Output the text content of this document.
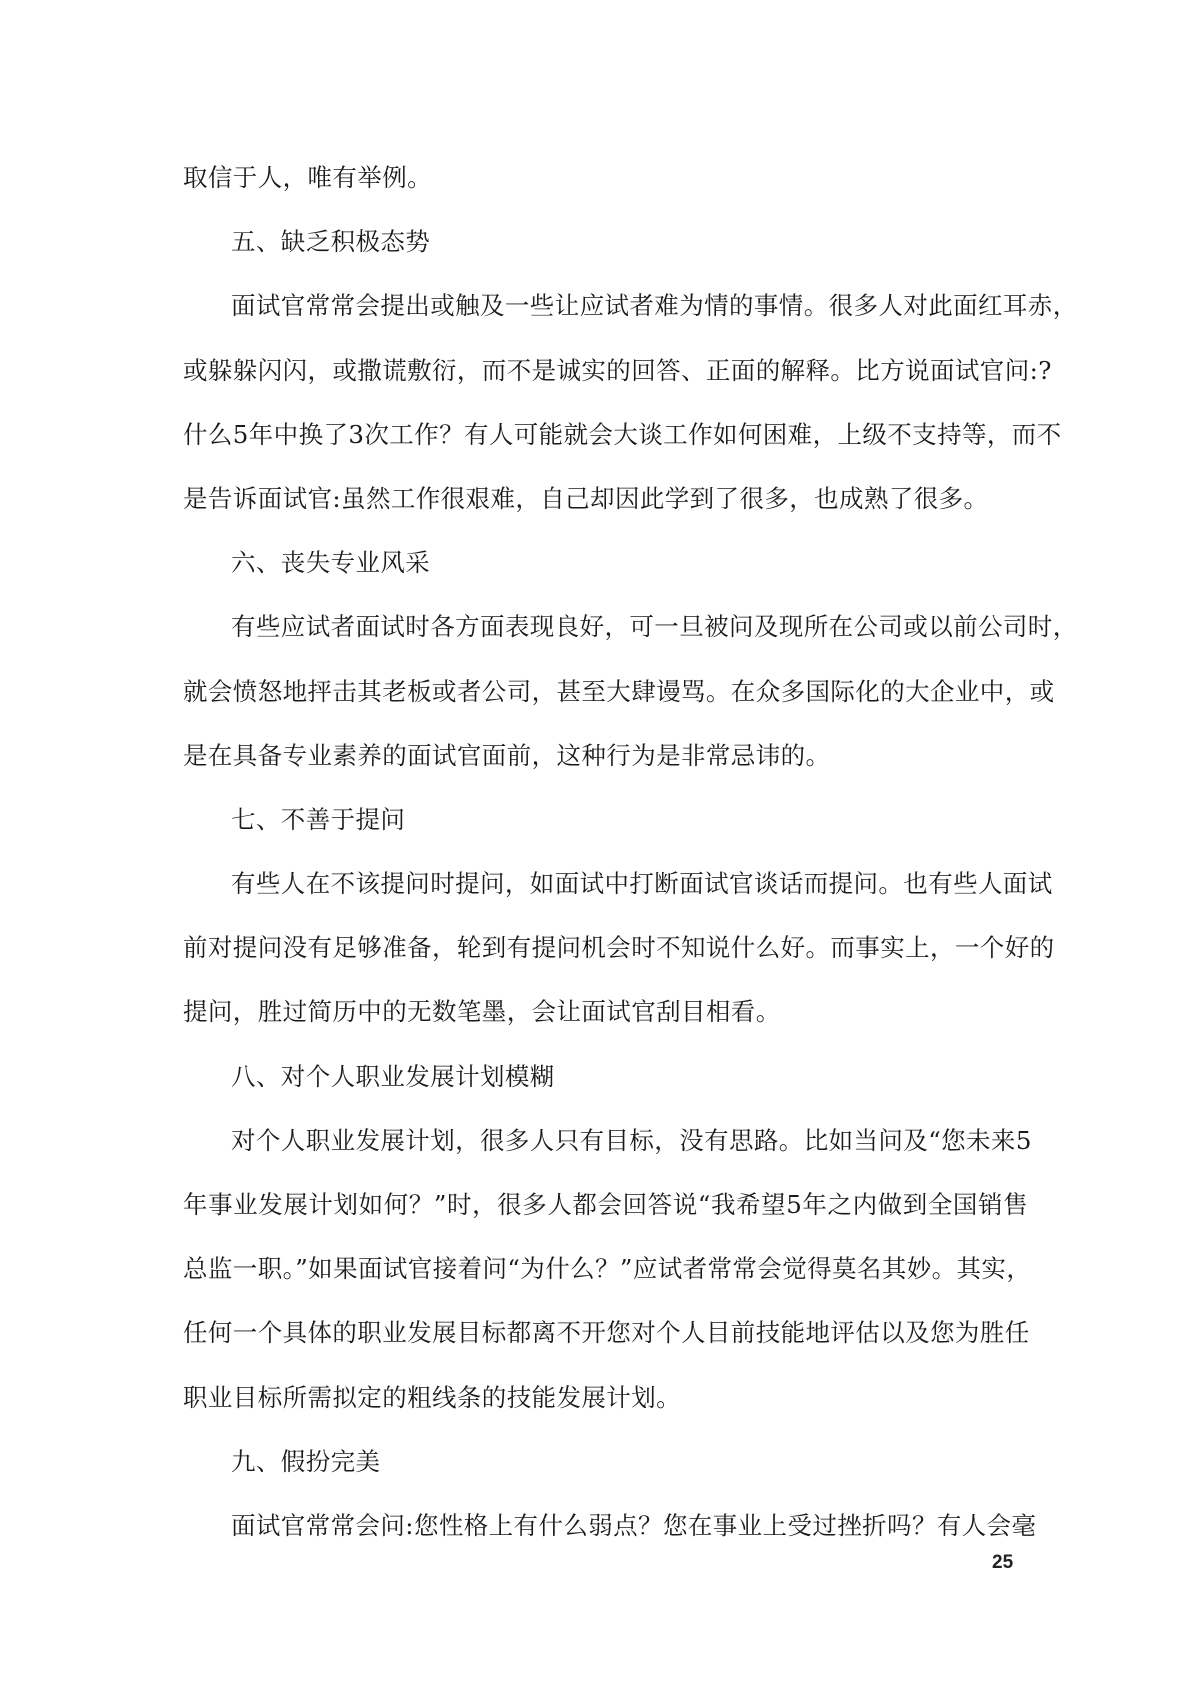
取信于人，唯有举例。
五、缺乏积极态势
面试官常常会提出或触及一些让应试者难为情的事情。很多人对此面红耳赤，
或躲躲闪闪，或撒谎敷衍，而不是诚实的回答、正面的解释。比方说面试官问:?
什么5年中换了3次工作？有人可能就会大谈工作如何困难，上级不支持等，而不
是告诉面试官:虽然工作很艰难，自己却因此学到了很多，也成熟了很多。
六、丧失专业风采
有些应试者面试时各方面表现良好，可一旦被问及现所在公司或以前公司时，
就会愤怒地抨击其老板或者公司，甚至大肆谩骂。在众多国际化的大企业中，或
是在具备专业素养的面试官面前，这种行为是非常忌讳的。
七、不善于提问
有些人在不该提问时提问，如面试中打断面试官谈话而提问。也有些人面试
前对提问没有足够准备，轮到有提问机会时不知说什么好。而事实上，一个好的
提问，胜过简历中的无数笔墨，会让面试官刮目相看。
八、对个人职业发展计划模糊
对个人职业发展计划，很多人只有目标，没有思路。比如当问及“您未来5
年事业发展计划如何？”时，很多人都会回答说“我希望5年之内做到全国销售
总监一职。”如果面试官接着问“为什么？”应试者常常会觉得莫名其妙。其实，
任何一个具体的职业发展目标都离不开您对个人目前技能地评估以及您为胜任
职业目标所需拟定的粗线条的技能发展计划。
九、假扮完美
面试官常常会问:您性格上有什么弱点？您在事业上受过挫折吗？有人会毫
25
